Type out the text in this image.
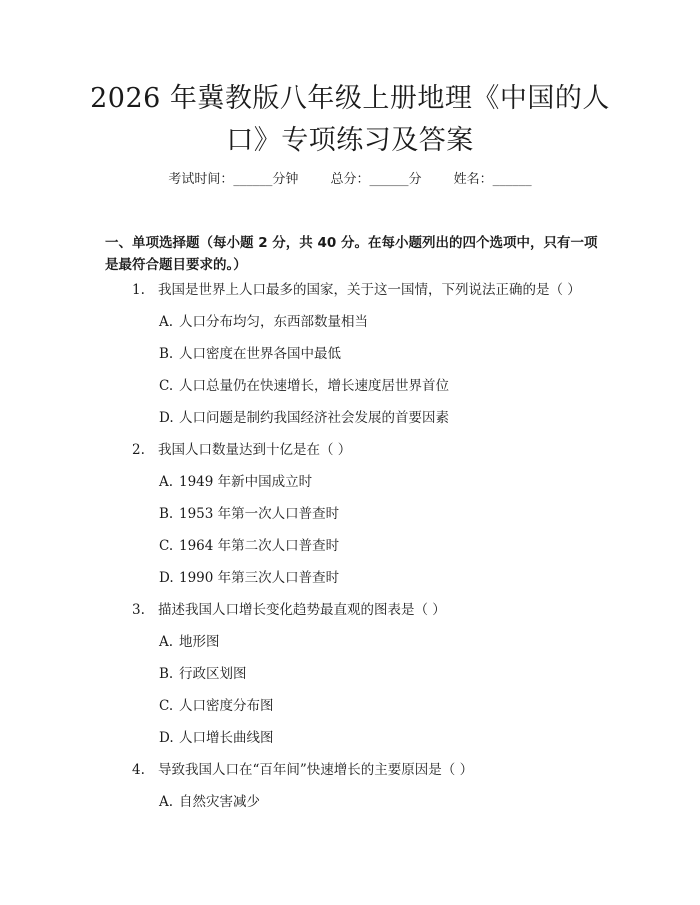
2026 年冀教版八年级上册地理《中国的人
口》专项练习及答案
考试时间：______分钟 总分：______分 姓名：______
一、单项选择题（每小题 2 分，共 40 分。在每小题列出的四个选项中，只有一项是最符合题目要求的。）
1. 我国是世界上人口最多的国家，关于这一国情，下列说法正确的是（ ）
A. 人口分布均匀，东西部数量相当
B. 人口密度在世界各国中最低
C. 人口总量仍在快速增长，增长速度居世界首位
D. 人口问题是制约我国经济社会发展的首要因素
2. 我国人口数量达到十亿是在（ ）
A. 1949 年新中国成立时
B. 1953 年第一次人口普查时
C. 1964 年第二次人口普查时
D. 1990 年第三次人口普查时
3. 描述我国人口增长变化趋势最直观的图表是（ ）
A. 地形图
B. 行政区划图
C. 人口密度分布图
D. 人口增长曲线图
4. 导致我国人口在“百年间”快速增长的主要原因是（ ）
A. 自然灾害减少
